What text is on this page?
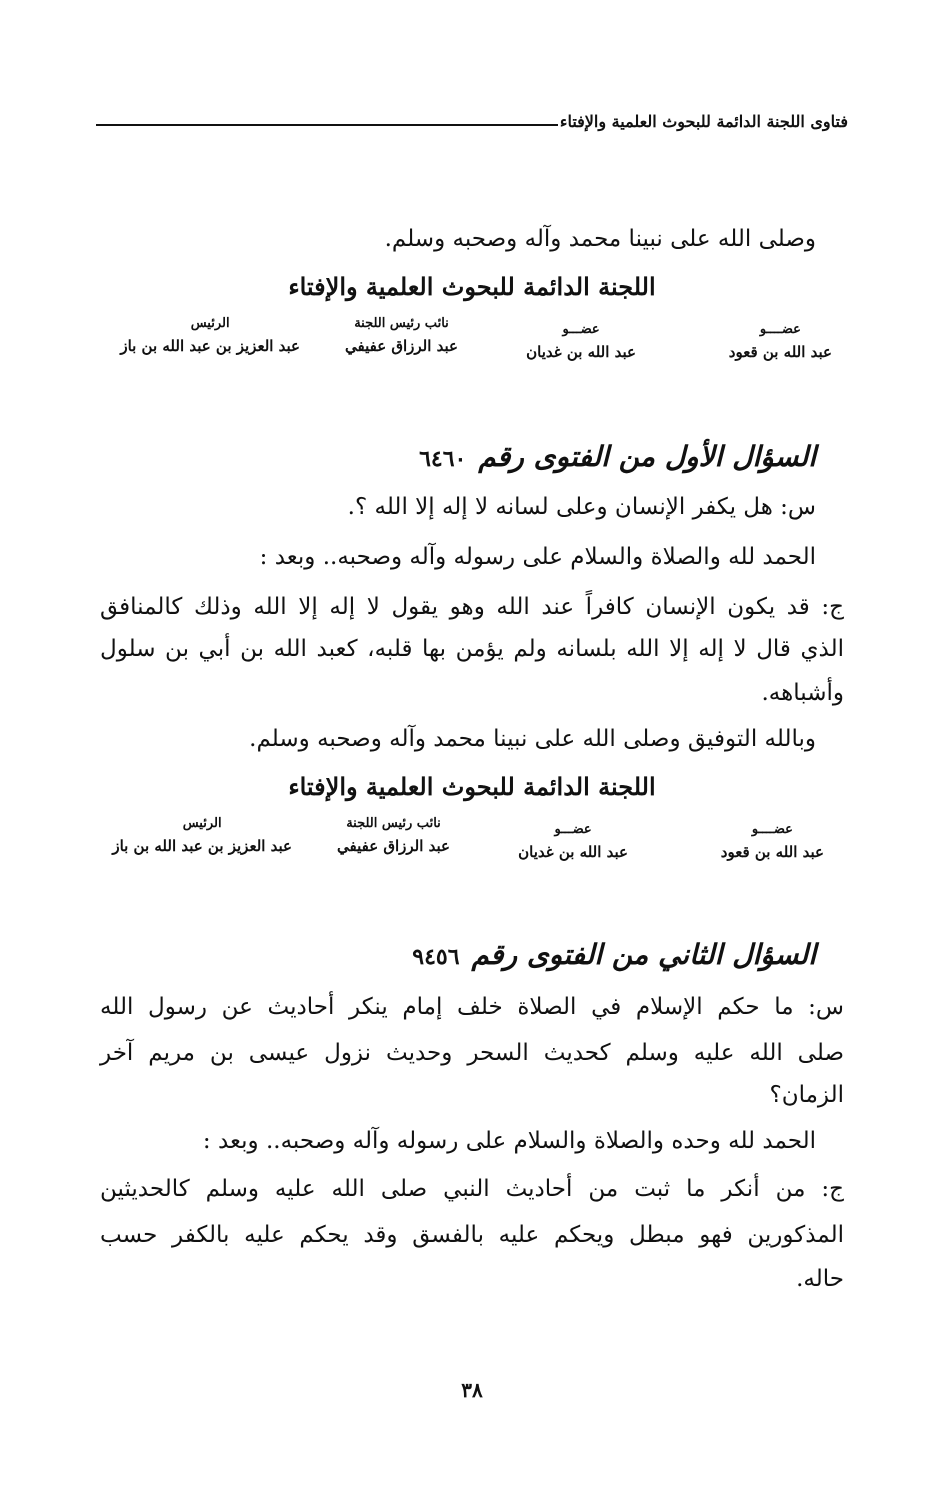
فتاوى اللجنة الدائمة للبحوث العلمية والإفتاء
وصلى الله على نبينا محمد وآله وصحبه وسلم.
اللجنة الدائمة للبحوث العلمية والإفتاء
عضــــو
عبد الله بن قعود
عضـــو
عبد الله بن غديان
نائب رئيس اللجنة
عبد الرزاق عفيفي
الرئيس
عبد العزيز بن عبد الله بن باز
السؤال الأول من الفتوى رقم٦٤٦٠
س: هل يكفر الإنسان وعلى لسانه لا إله إلا الله ؟.
الحمد لله والصلاة والسلام على رسوله وآله وصحبه.. وبعد :
ج: قد يكون الإنسان كافراً عند الله وهو يقول لا إله إلا الله وذلك كالمنافق
الذي قال لا إله إلا الله بلسانه ولم يؤمن بها قلبه، كعبد الله بن أبي بن سلول
وأشباهه.
وبالله التوفيق وصلى الله على نبينا محمد وآله وصحبه وسلم.
اللجنة الدائمة للبحوث العلمية والإفتاء
عضــــو
عبد الله بن قعود
عضـــو
عبد الله بن غديان
نائب رئيس اللجنة
عبد الرزاق عفيفي
الرئيس
عبد العزيز بن عبد الله بن باز
السؤال الثاني من الفتوى رقم٩٤٥٦
س: ما حكم الإسلام في الصلاة خلف إمام ينكر أحاديث عن رسول الله
صلى الله عليه وسلم كحديث السحر وحديث نزول عيسى بن مريم آخر
الزمان؟
الحمد لله وحده والصلاة والسلام على رسوله وآله وصحبه.. وبعد :
ج: من أنكر ما ثبت من أحاديث النبي صلى الله عليه وسلم كالحديثين
المذكورين فهو مبطل ويحكم عليه بالفسق وقد يحكم عليه بالكفر حسب
حاله.
٣٨
